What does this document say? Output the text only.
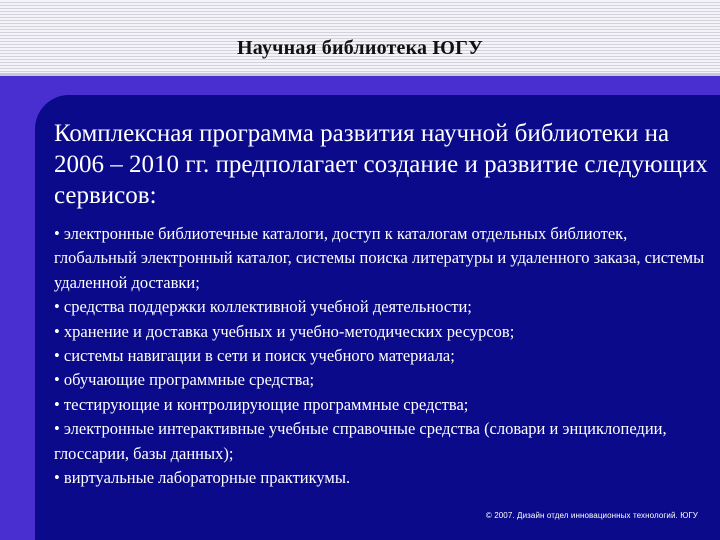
Научная библиотека ЮГУ

Комплексная программа развития научной библиотеки на 2006 – 2010 гг. предполагает создание и развитие следующих сервисов:

• электронные библиотечные каталоги, доступ к каталогам отдельных библиотек, глобальный электронный каталог, системы поиска литературы и удаленного заказа, системы удаленной доставки;
• средства поддержки коллективной учебной деятельности;
• хранение и доставка учебных и учебно-методических ресурсов;
• системы навигации в сети и поиск учебного материала;
• обучающие программные средства;
• тестирующие и контролирующие программные средства;
• электронные интерактивные учебные справочные средства (словари и энциклопедии, глоссарии, базы данных);
• виртуальные лабораторные практикумы.
© 2007. Дизайн отдел инновационных технологий. ЮГУ
